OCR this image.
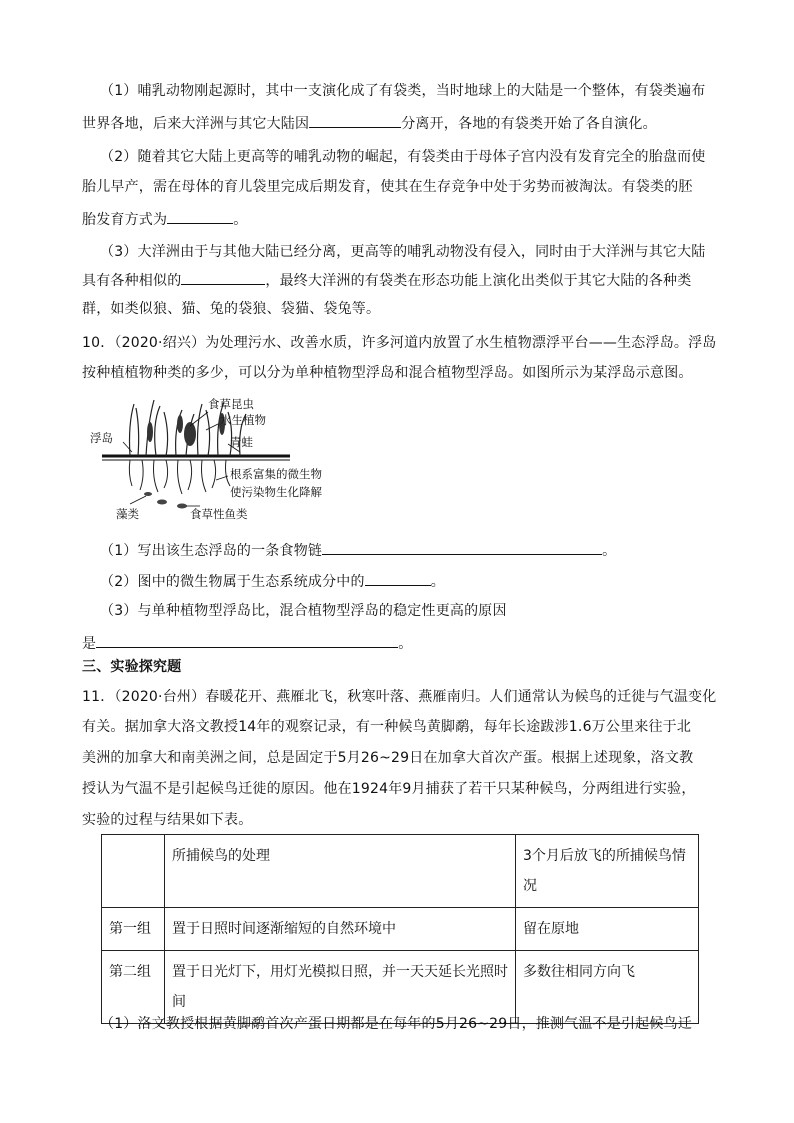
（1）哺乳动物刚起源时，其中一支演化成了有袋类，当时地球上的大陆是一个整体，有袋类遍布
世界各地，后来大洋洲与其它大陆因	分离开，各地的有袋类开始了各自演化。
（2）随着其它大陆上更高等的哺乳动物的崛起，有袋类由于母体子宫内没有发育完全的胎盘而使
胎儿早产，需在母体的育儿袋里完成后期发育，使其在生存竞争中处于劣势而被淘汰。有袋类的胚
胎发育方式为	。
（3）大洋洲由于与其他大陆已经分离，更高等的哺乳动物没有侵入，同时由于大洋洲与其它大陆
具有各种相似的	，最终大洋洲的有袋类在形态功能上演化出类似于其它大陆的各种类
群，如类似狼、猫、兔的袋狼、袋猫、袋兔等。
10．（2020·绍兴）为处理污水、改善水质，许多河道内放置了水生植物漂浮平台——生态浮岛。浮岛
按种植植物种类的多少，可以分为单种植物型浮岛和混合植物型浮岛。如图所示为某浮岛示意图。
食草昆虫
水生植物
浮岛	青蛙
根系富集的微生物
使污染物生化降解
藻类	食草性鱼类
（1）写出该生态浮岛的一条食物链	。
（2）图中的微生物属于生态系统成分中的	。
（3）与单种植物型浮岛比，混合植物型浮岛的稳定性更高的原因
是	。
三、实验探究题
11．（2020·台州）春暖花开、燕雁北飞，秋寒叶落、燕雁南归。人们通常认为候鸟的迁徙与气温变化
有关。据加拿大洛文教授14年的观察记录，有一种候鸟黄脚鹬，每年长途跋涉1.6万公里来往于北
美洲的加拿大和南美洲之间，总是固定于5月26~29日在加拿大首次产蛋。根据上述现象，洛文教
授认为气温不是引起候鸟迁徙的原因。他在1924年9月捕获了若干只某种候鸟，分两组进行实验，
实验的过程与结果如下表。
	所捕候鸟的处理	3个月后放飞的所捕候鸟情况
第一组	置于日照时间逐渐缩短的自然环境中	留在原地
第二组	置于日光灯下，用灯光模拟日照，并一天天延长光照时间	多数往相同方向飞
（1）洛文教授根据黄脚鹬首次产蛋日期都是在每年的5月26~29日，推测气温不是引起候鸟迁
